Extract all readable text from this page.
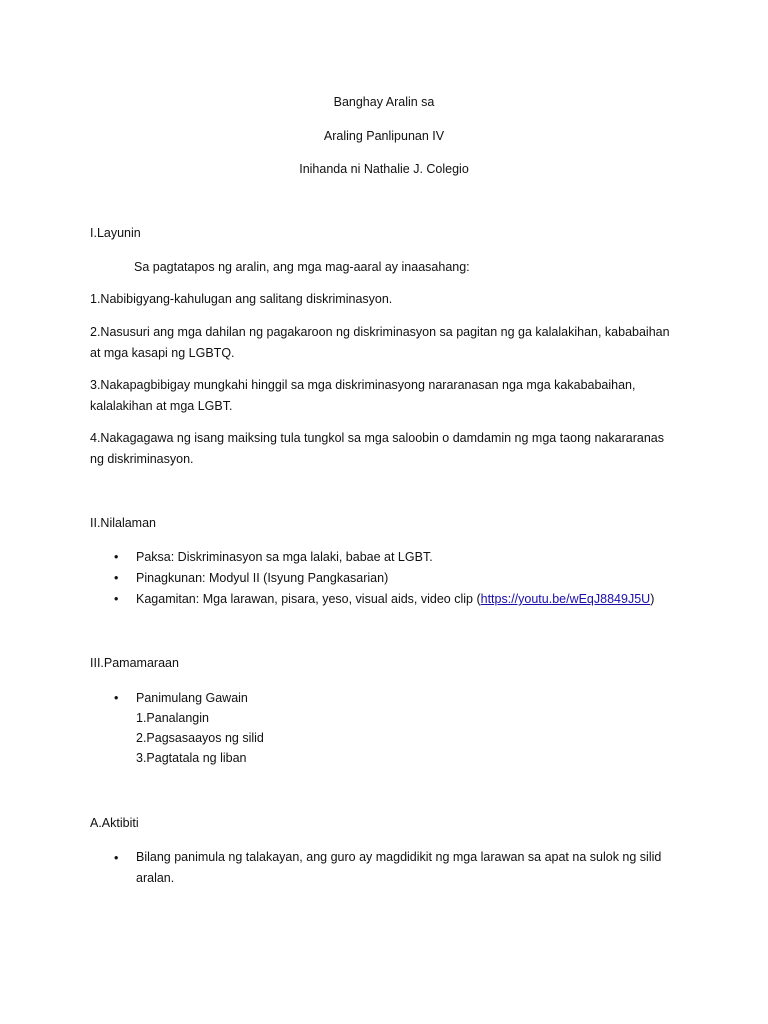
Banghay Aralin sa
Araling Panlipunan IV
Inihanda ni Nathalie J. Colegio
I.Layunin
Sa pagtatapos ng aralin, ang mga mag-aaral ay inaasahang:
1.Nabibigyang-kahulugan ang salitang diskriminasyon.
2.Nasusuri ang mga dahilan ng pagakaroon ng diskriminasyon sa pagitan ng ga kalalakihan, kababaihan at mga kasapi ng LGBTQ.
3.Nakapagbibigay mungkahi hinggil sa mga diskriminasyong nararanasan nga mga kakababaihan, kalalakihan at mga LGBT.
4.Nakagagawa ng isang maiksing tula tungkol sa mga saloobin o damdamin ng mga taong nakararanas ng diskriminasyon.
II.Nilalaman
• Paksa: Diskriminasyon sa mga lalaki, babae at LGBT.
• Pinagkunan: Modyul II (Isyung Pangkasarian)
• Kagamitan: Mga larawan, pisara, yeso, visual aids, video clip (https://youtu.be/wEqJ8849J5U)
III.Pamamaraan
• Panimulang Gawain
1.Panalangin
2.Pagsasaayos ng silid
3.Pagtatala ng liban
A.Aktibiti
• Bilang panimula ng talakayan, ang guro ay magdidikit ng mga larawan sa apat na sulok ng silid aralan.
